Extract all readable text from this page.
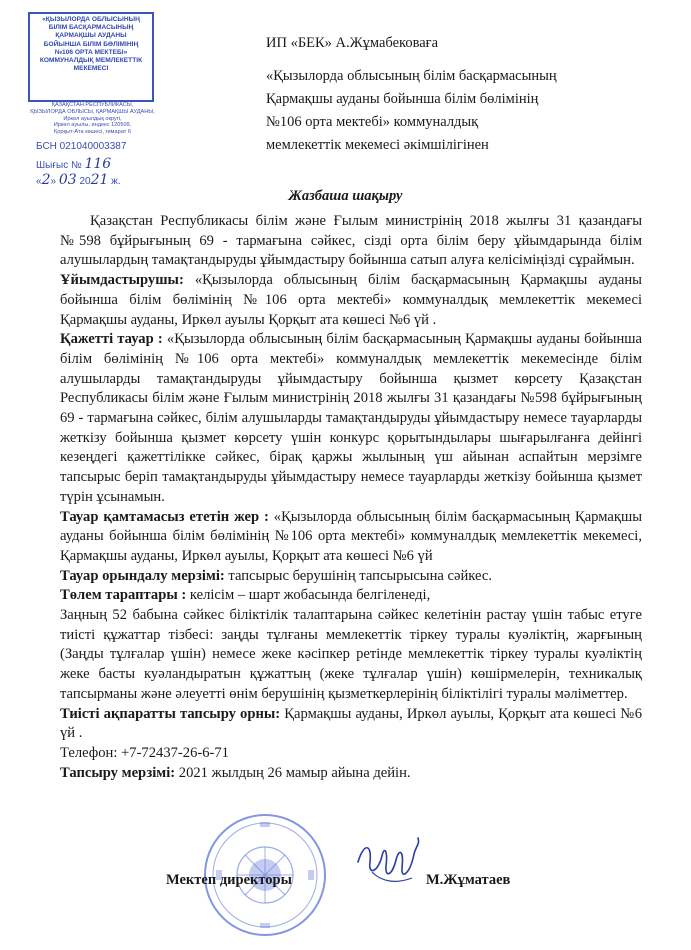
«ҚЫЗЫЛОРДА ОБЛЫСЫНЫҢ
БІЛІМ БАСҚАРМАСЫНЫҢ
ҚАРМАҚШЫ АУДАНЫ
БОЙЫНША БІЛІМ БӨЛІМІНІҢ
№106 ОРТА МЕКТЕБІ»
КОММУНАЛДЫҚ МЕМЛЕКЕТТІК
МЕКЕМЕСІ
ҚАЗАҚСТАН РЕСПУБЛИКАСЫ,
ҚЫЗЫЛОРДА ОБЛЫСЫ, ҚАРМАҚШЫ АУДАНЫ,
Иркөл ауылдық округі,
Иркөл ауылы, индекс 120509,
Қорқыт-Ата көшесі, ғимарат 6
БСН 021040003387
Шығыс № 116
«2» 03 2021 ж.
ИП «БЕК» А.Жұмабековаға
«Қызылорда облысының білім басқармасының
Қармақшы ауданы бойынша білім бөлімінің
№106 орта мектебі» коммуналдық
мемлекеттік мекемесі әкімшілігінен
Жазбаша шақыру

Қазақстан Республикасы білім және Ғылым министрінің 2018 жылғы 31 қазандағы №598 бұйрығының 69 - тармағына сәйкес, сізді орта білім беру ұйымдарында білім алушылардың тамақтандыруды ұйымдастыру бойынша сатып алуға келісіміңізді сұраймын.

Ұйымдастырушы: «Қызылорда облысының білім басқармасының Қармақшы ауданы бойынша білім бөлімінің №106 орта мектебі» коммуналдық мемлекеттік мекемесі Қармақшы ауданы, Иркөл ауылы Қорқыт ата көшесі №6 үй .

Қажетті тауар : «Қызылорда облысының білім басқармасының Қармақшы ауданы бойынша білім бөлімінің №106 орта мектебі» коммуналдық мемлекеттік мекемесінде білім алушыларды тамақтандыруды ұйымдастыру бойынша қызмет көрсету Қазақстан Республикасы білім және Ғылым министрінің 2018 жылғы 31 қазандағы №598 бұйрығының 69 - тармағына сәйкес, білім алушыларды тамақтандыруды ұйымдастыру немесе тауарларды жеткізу бойынша қызмет көрсету үшін конкурс қорытындылары шығарылғанға дейінгі кезеңдегі қажеттілікке сәйкес, бірақ қаржы жылының үш айынан аспайтын мерзімге тапсырыс беріп тамақтандыруды ұйымдастыру немесе тауарларды жеткізу бойынша қызмет түрін ұсынамын.

Тауар қамтамасыз ететін жер : «Қызылорда облысының білім басқармасының Қармақшы ауданы бойынша білім бөлімінің №106 орта мектебі» коммуналдық мемлекеттік мекемесі, Қармақшы ауданы, Иркөл ауылы, Қорқыт ата көшесі №6 үй

Тауар орындалу мерзімі: тапсырыс берушінің тапсырысына сәйкес.

Төлем тараптары : келісім – шарт жобасында белгіленеді,

Заңның 52 бабына сәйкес біліктілік талаптарына сәйкес келетінін растау үшін табыс етуге тиісті құжаттар тізбесі: заңды тұлғаны мемлекеттік тіркеу туралы куәліктің, жарғының (Заңды тұлғалар үшін) немесе жеке кәсіпкер ретінде мемлекеттік тіркеу туралы куәліктің жеке басты куәландыратын құжаттың (жеке тұлғалар үшін) көшірмелерін, техникалық тапсырманы және әлеуетті өнім берушінің қызметкерлерінің біліктілігі туралы мәліметтер.

Тиісті ақпаратты тапсыру орны: Қармақшы ауданы, Иркөл ауылы, Қорқыт ата көшесі №6 үй .

Телефон: +7-72437-26-6-71

Тапсыру мерзімі: 2021 жылдың 26 мамыр айына дейін.

Мектеп директоры	М.Жұматаев
